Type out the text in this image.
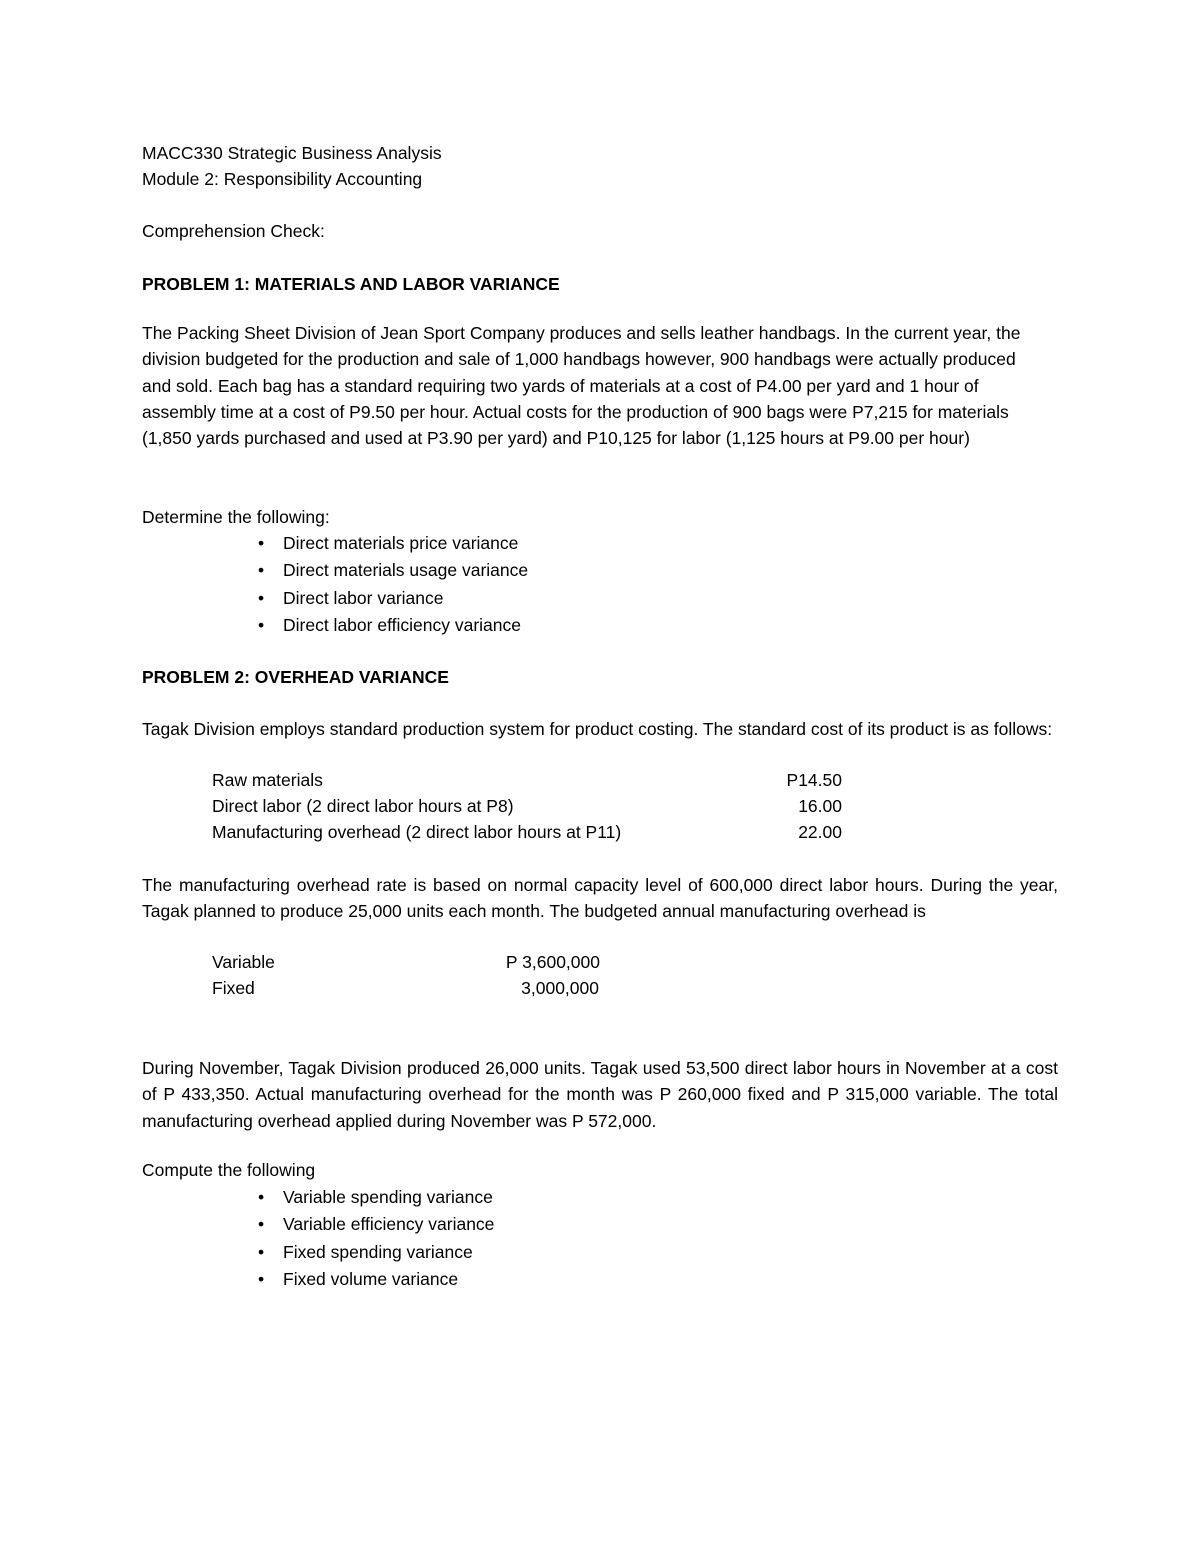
MACC330 Strategic Business Analysis
Module 2: Responsibility Accounting
Comprehension Check:
PROBLEM 1: MATERIALS AND LABOR VARIANCE
The Packing Sheet Division of Jean Sport Company produces and sells leather handbags. In the current year, the division budgeted for the production and sale of 1,000 handbags however, 900 handbags were actually produced and sold. Each bag has a standard requiring two yards of materials at a cost of P4.00 per yard and 1 hour of assembly time at a cost of P9.50 per hour. Actual costs for the production of 900 bags were P7,215 for materials (1,850 yards purchased and used at P3.90 per yard) and P10,125 for labor (1,125 hours at P9.00 per hour)
Determine the following:
• Direct materials price variance
• Direct materials usage variance
• Direct labor variance
• Direct labor efficiency variance
PROBLEM 2: OVERHEAD VARIANCE
Tagak Division employs standard production system for product costing. The standard cost of its product is as follows:
Raw materials	P14.50
Direct labor (2 direct labor hours at P8)	16.00
Manufacturing overhead (2 direct labor hours at P11)	22.00
The manufacturing overhead rate is based on normal capacity level of 600,000 direct labor hours. During the year, Tagak planned to produce 25,000 units each month. The budgeted annual manufacturing overhead is
Variable	P 3,600,000
Fixed	3,000,000
During November, Tagak Division produced 26,000 units. Tagak used 53,500 direct labor hours in November at a cost of P 433,350. Actual manufacturing overhead for the month was P 260,000 fixed and P 315,000 variable. The total manufacturing overhead applied during November was P 572,000.
Compute the following
• Variable spending variance
• Variable efficiency variance
• Fixed spending variance
• Fixed volume variance
